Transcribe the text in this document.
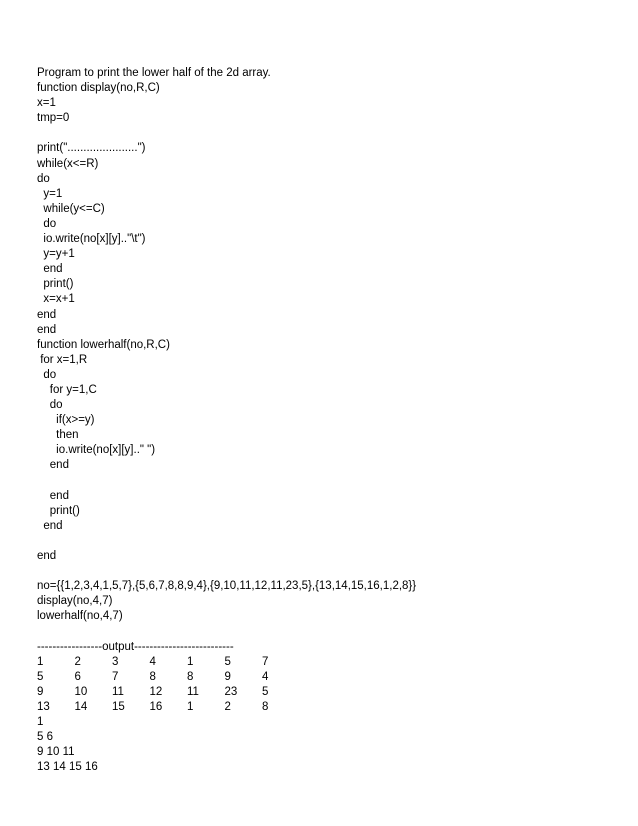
Program to print the lower half of the 2d array.
function display(no,R,C)
x=1
tmp=0
print("......................")
while(x<=R)
do
y=1
while(y<=C)
do
io.write(no[x][y].."\t")
y=y+1
end
print()
x=x+1
end
end
function lowerhalf(no,R,C)
for x=1,R
do
for y=1,C
do
if(x>=y)
then
io.write(no[x][y].." ")
end
end
print()
end
end
no={{1,2,3,4,1,5,7},{5,6,7,8,8,9,4},{9,10,11,12,11,23,5},{13,14,15,16,1,2,8}}
display(no,4,7)
lowerhalf(no,4,7)
-----------------output--------------------------
1	2	3	4	1	5	7
5	6	7	8	8	9	4
9	10	11	12	11	23	5
13	14	15	16	1	2	8
1
5 6
9 10 11
13 14 15 16
